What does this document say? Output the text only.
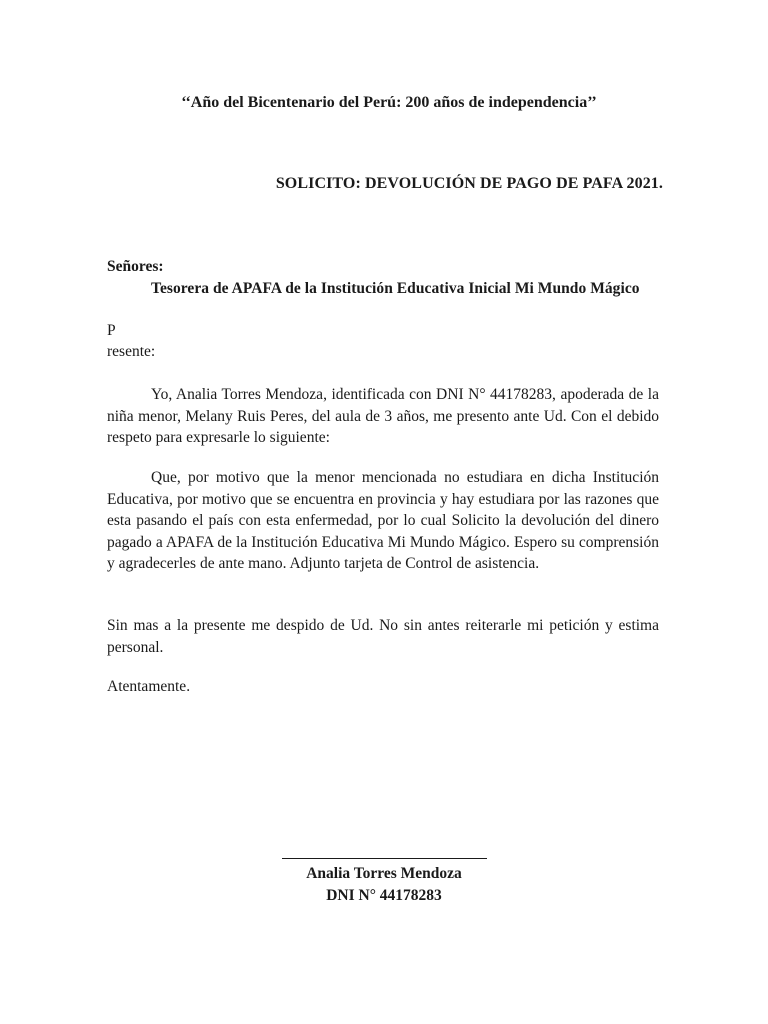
‘‘Año del Bicentenario del Perú: 200 años de independencia’’

SOLICITO: DEVOLUCIÓN DE PAGO DE PAFA 2021.

Señores:

Tesorera de APAFA de la Institución Educativa Inicial Mi Mundo Mágico

P

resente:

Yo, Analia Torres Mendoza, identificada con DNI N° 44178283, apoderada de la niña menor, Melany Ruis Peres, del aula de 3 años, me presento ante Ud. Con el debido respeto para expresarle lo siguiente:

Que, por motivo que la menor mencionada no estudiara en dicha Institución Educativa, por motivo que se encuentra en provincia y hay estudiara por las razones que esta pasando el país con esta enfermedad, por lo cual Solicito la devolución del dinero pagado a APAFA de la Institución Educativa Mi Mundo Mágico. Espero su comprensión y agradecerles de ante mano. Adjunto tarjeta de Control de asistencia.

Sin mas a la presente me despido de Ud. No sin antes reiterarle mi petición y estima personal.

Atentamente.

Analia Torres Mendoza

DNI N° 44178283
